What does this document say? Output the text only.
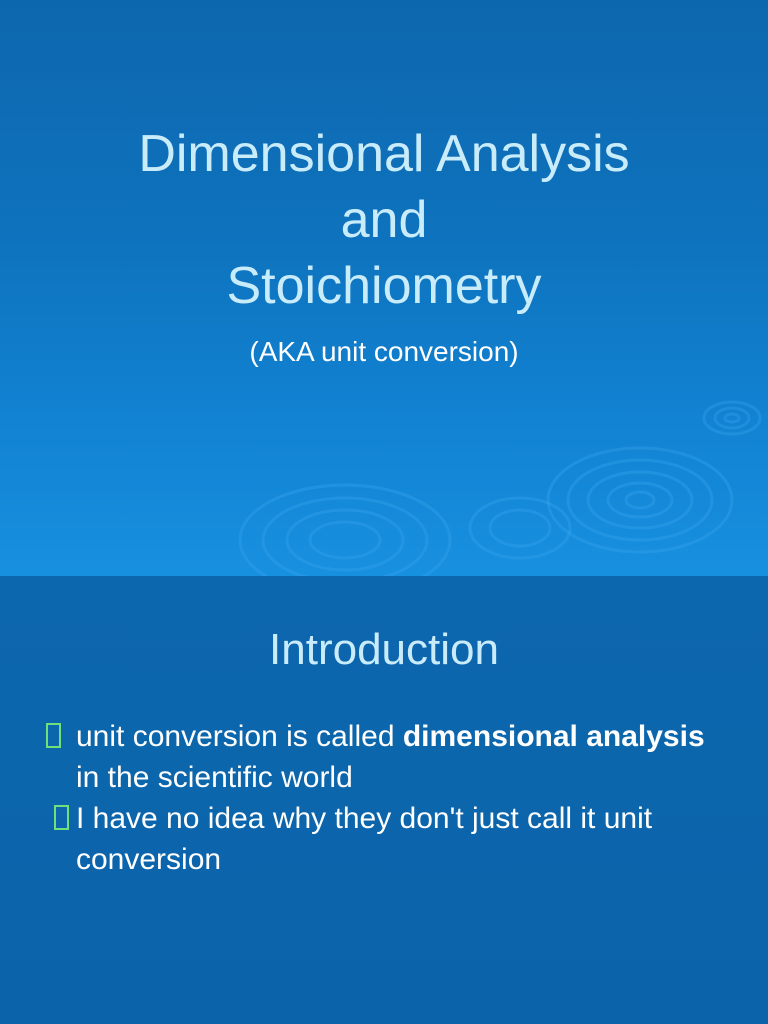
Dimensional Analysis
and
Stoichiometry
(AKA unit conversion)
Introduction
unit conversion is called dimensional analysis in the scientific world
I have no idea why they don't just call it unit conversion
